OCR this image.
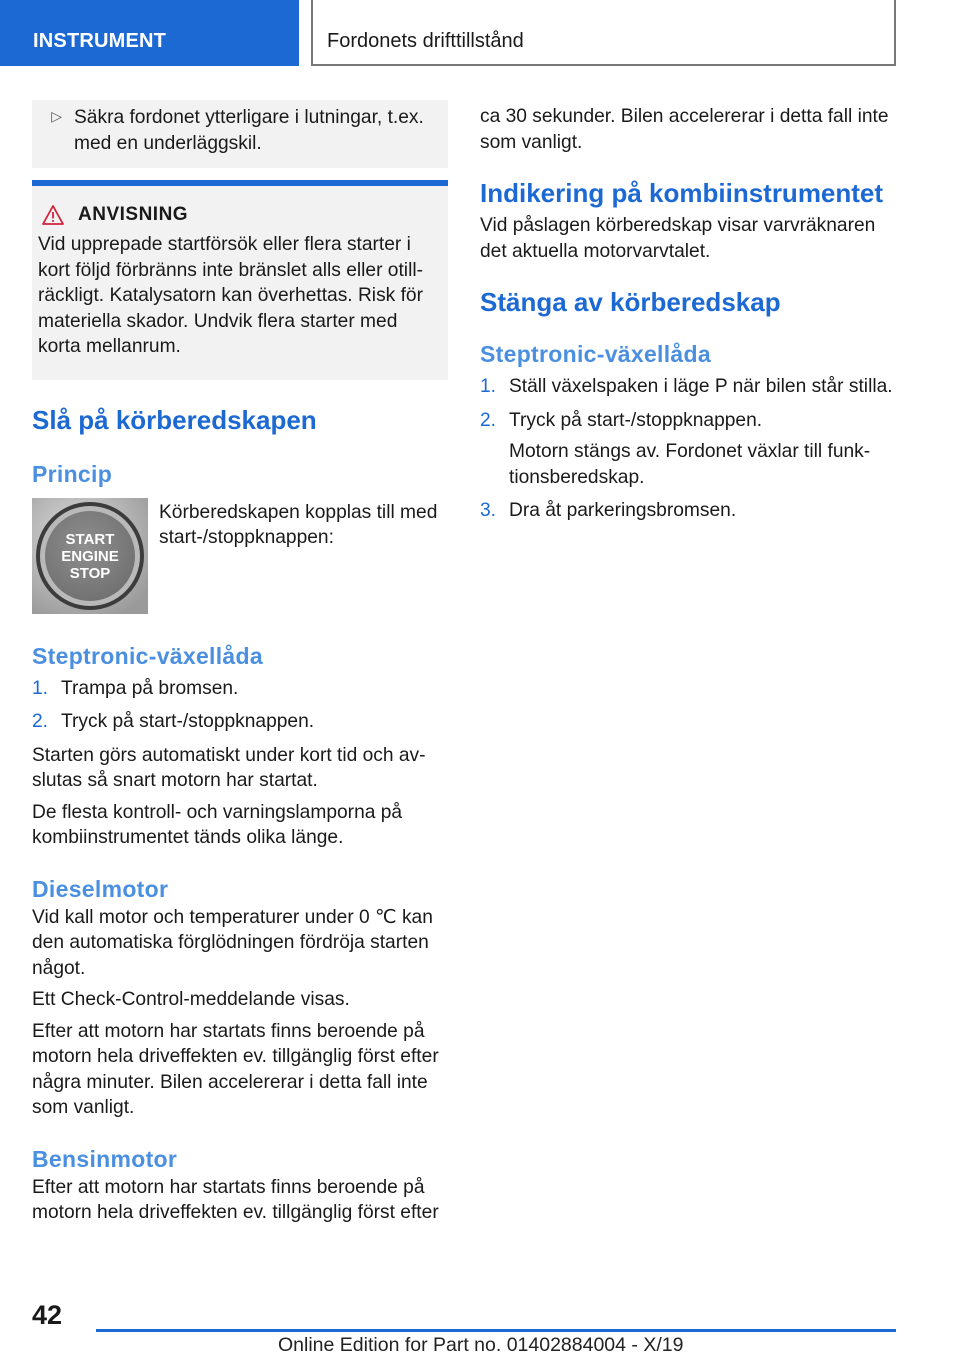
INSTRUMENT	Fordonets drifttillstånd
▷ Säkra fordonet ytterligare i lutningar, t.ex. med en underläggskil.

ANVISNING

Vid upprepade startförsök eller flera starter i kort följd förbränns inte bränslet alls eller otillräckligt. Katalysatorn kan överhettas. Risk för materiella skador. Undvik flera starter med korta mellanrum.

Slå på körberedskapen
Princip
START
ENGINE
STOP

Körberedskapen kopplas till med start-/stoppknappen:

Steptronic-växellåda
1. Trampa på bromsen.
2. Tryck på start-/stoppknappen.

Starten görs automatiskt under kort tid och avslutas så snart motorn har startat.

De flesta kontroll- och varningslamporna på kombiinstrumentet tänds olika länge.

Dieselmotor

Vid kall motor och temperaturer under 0 ℃ kan den automatiska förglödningen fördröja starten något.

Ett Check-Control-meddelande visas.

Efter att motorn har startats finns beroende på motorn hela driveffekten ev. tillgänglig först efter några minuter. Bilen accelererar i detta fall inte som vanligt.

Bensinmotor

Efter att motorn har startats finns beroende på motorn hela driveffekten ev. tillgänglig först efter

ca 30 sekunder. Bilen accelererar i detta fall inte som vanligt.

Indikering på kombiinstrumentet

Vid påslagen körberedskap visar varvräknaren det aktuella motorvarvtalet.

Stänga av körberedskap
Steptronic-växellåda
1. Ställ växelspaken i läge P när bilen står stilla.
2. Tryck på start-/stoppknappen.
Motorn stängs av. Fordonet växlar till funktionsberedskap.
3. Dra åt parkeringsbromsen.
42
Online Edition for Part no. 01402884004 - X/19
